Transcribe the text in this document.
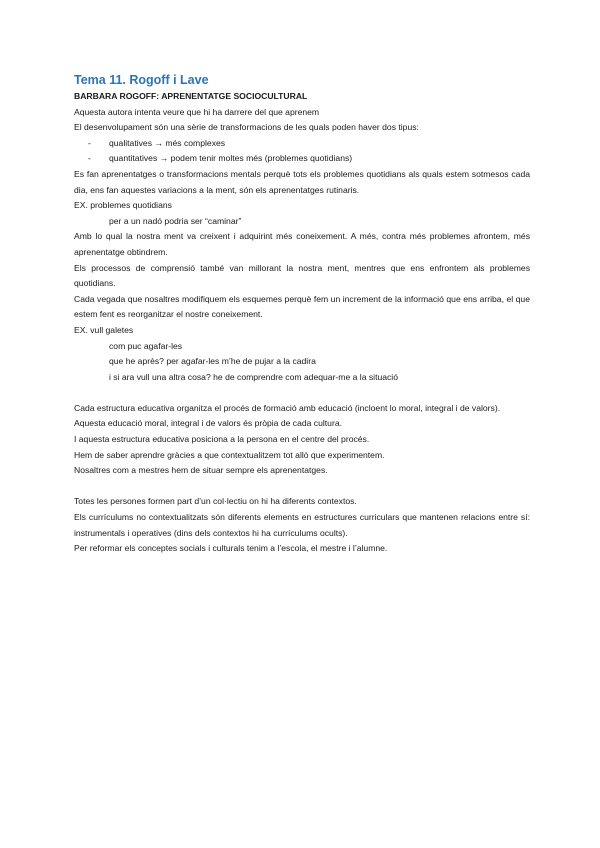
Tema 11. Rogoff i Lave

BARBARA ROGOFF: APRENENTATGE SOCIOCULTURAL

Aquesta autora intenta veure que hi ha darrere del que aprenem

El desenvolupament són una sèrie de transformacions de les quals poden haver dos tipus:

- qualitatives → més complexes
- quantitatives → podem tenir moltes més (problemes quotidians)

Es fan aprenentatges o transformacions mentals perquè tots els problemes quotidians als quals estem sotmesos cada dia, ens fan aquestes variacions a la ment, són els aprenentatges rutinaris.

EX. problemes quotidians

per a un nadó podria ser “caminar”

Amb lo qual la nostra ment va creixent i adquirint més coneixement. A més, contra més problemes afrontem, més aprenentatge obtindrem.

Els processos de comprensió també van millorant la nostra ment, mentres que ens enfrontem als problemes quotidians.

Cada vegada que nosaltres modifiquem els esquemes perquè fem un increment de la informació que ens arriba, el que estem fent es reorganitzar el nostre coneixement.

EX. vull galetes

com puc agafar-les

que he après? per agafar-les m’he de pujar a la cadira

i si ara vull una altra cosa? he de comprendre com adequar-me a la situació

Cada estructura educativa organitza el procés de formació amb educació (incloent lo moral, integral i de valors).

Aquesta educació moral, integral i de valors és pròpia de cada cultura.

I aquesta estructura educativa posiciona a la persona en el centre del procés.

Hem de saber aprendre gràcies a que contextualitzem tot allò que experimentem.

Nosaltres com a mestres hem de situar sempre els aprenentatges.

Totes les persones formen part d’un col·lectiu on hi ha diferents contextos.

Els currículums no contextualitzats són diferents elements en estructures curriculars que mantenen relacions entre sí: instrumentals i operatives (dins dels contextos hi ha currículums ocults).

Per reformar els conceptes socials i culturals tenim a l’escola, el mestre i l’alumne.
